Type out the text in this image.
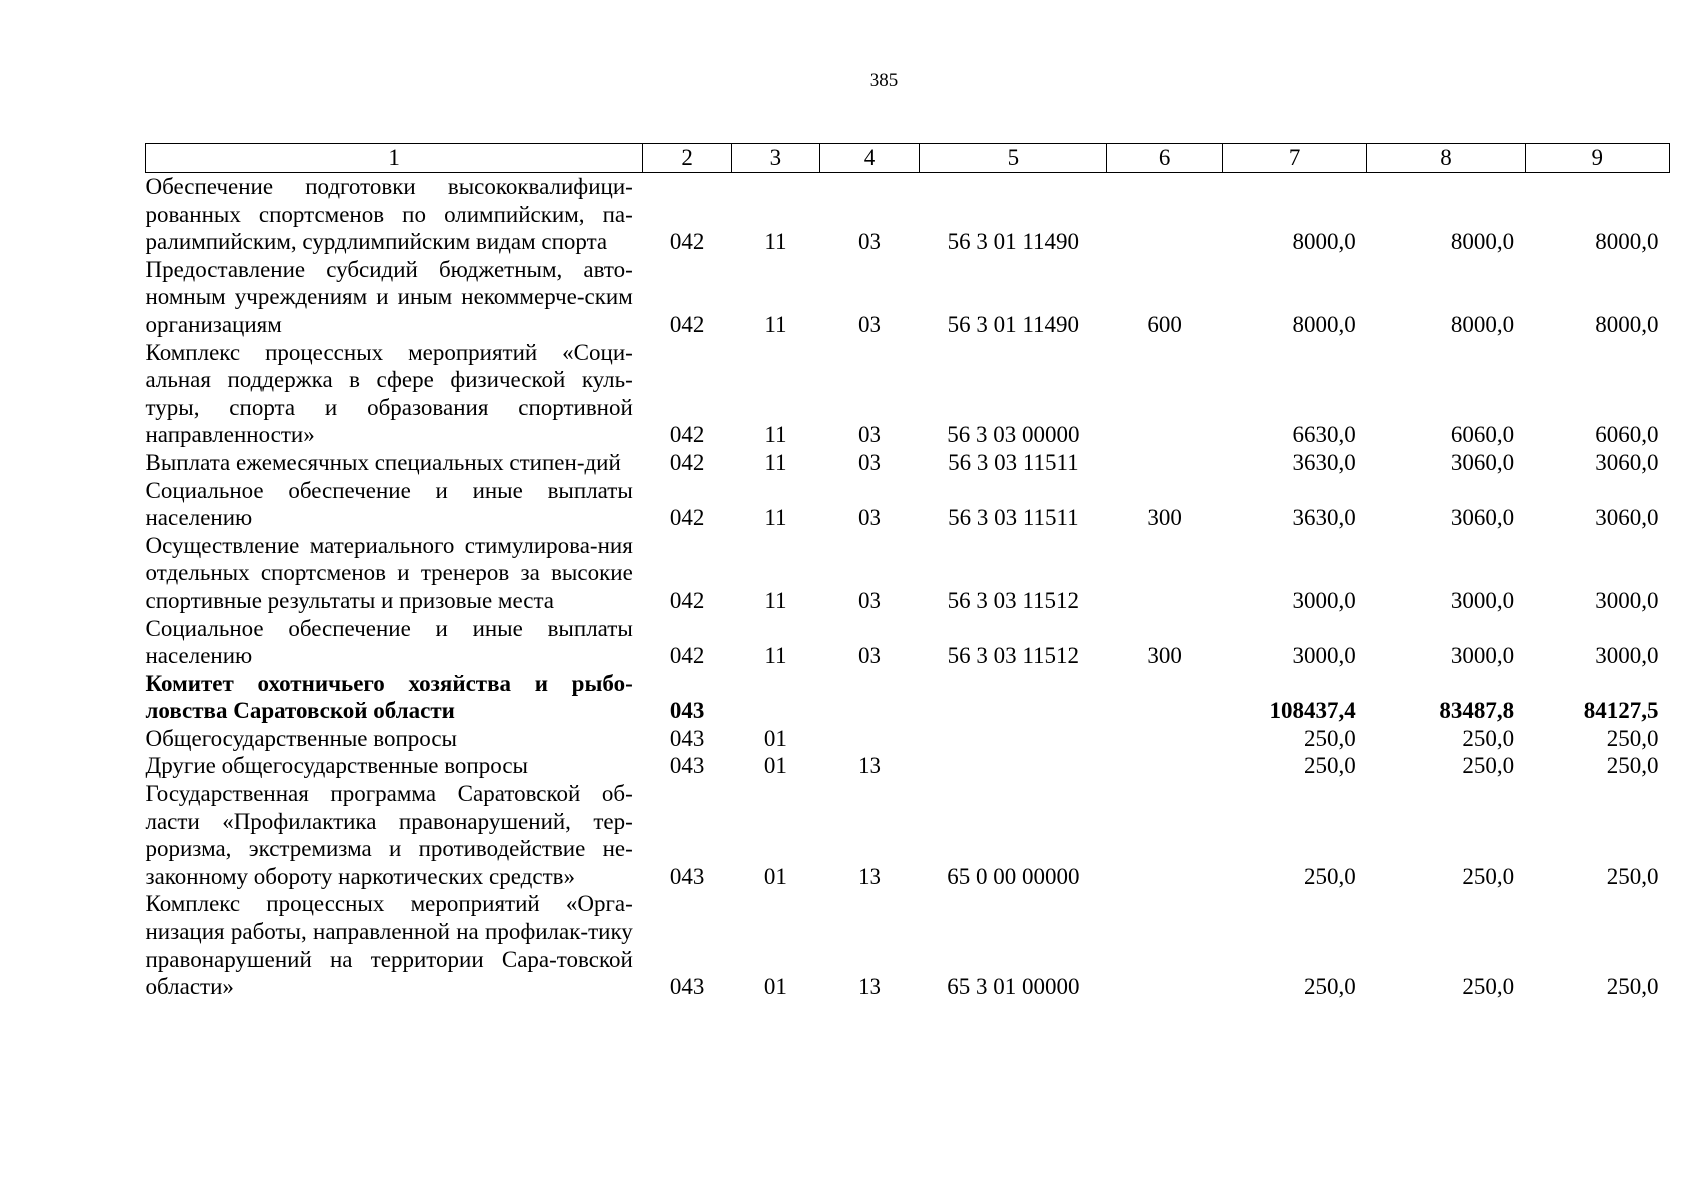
385
1	2	3	4	5	6	7	8	9
Обеспечение подготовки высококвалифици-рованных спортсменов по олимпийским, па-ралимпийским, сурдлимпийским видам спорта	042	11	03	56 3 01 11490		8000,0	8000,0	8000,0
Предоставление субсидий бюджетным, авто-номным учреждениям и иным некоммерче-ским организациям	042	11	03	56 3 01 11490	600	8000,0	8000,0	8000,0
Комплекс процессных мероприятий «Соци-альная поддержка в сфере физической куль-туры, спорта и образования спортивной направленности»	042	11	03	56 3 03 00000		6630,0	6060,0	6060,0
Выплата ежемесячных специальных стипен-дий	042	11	03	56 3 03 11511		3630,0	3060,0	3060,0
Социальное обеспечение и иные выплаты населению	042	11	03	56 3 03 11511	300	3630,0	3060,0	3060,0
Осуществление материального стимулирова-ния отдельных спортсменов и тренеров за высокие спортивные результаты и призовые места	042	11	03	56 3 03 11512		3000,0	3000,0	3000,0
Социальное обеспечение и иные выплаты населению	042	11	03	56 3 03 11512	300	3000,0	3000,0	3000,0
Комитет охотничьего хозяйства и рыбо-ловства Саратовской области	043					108437,4	83487,8	84127,5
Общегосударственные вопросы	043	01				250,0	250,0	250,0
Другие общегосударственные вопросы	043	01	13			250,0	250,0	250,0
Государственная программа Саратовской об-ласти «Профилактика правонарушений, тер-роризма, экстремизма и противодействие не-законному обороту наркотических средств»	043	01	13	65 0 00 00000		250,0	250,0	250,0
Комплекс процессных мероприятий «Орга-низация работы, направленной на профилак-тику правонарушений на территории Сара-товской области»	043	01	13	65 3 01 00000		250,0	250,0	250,0
